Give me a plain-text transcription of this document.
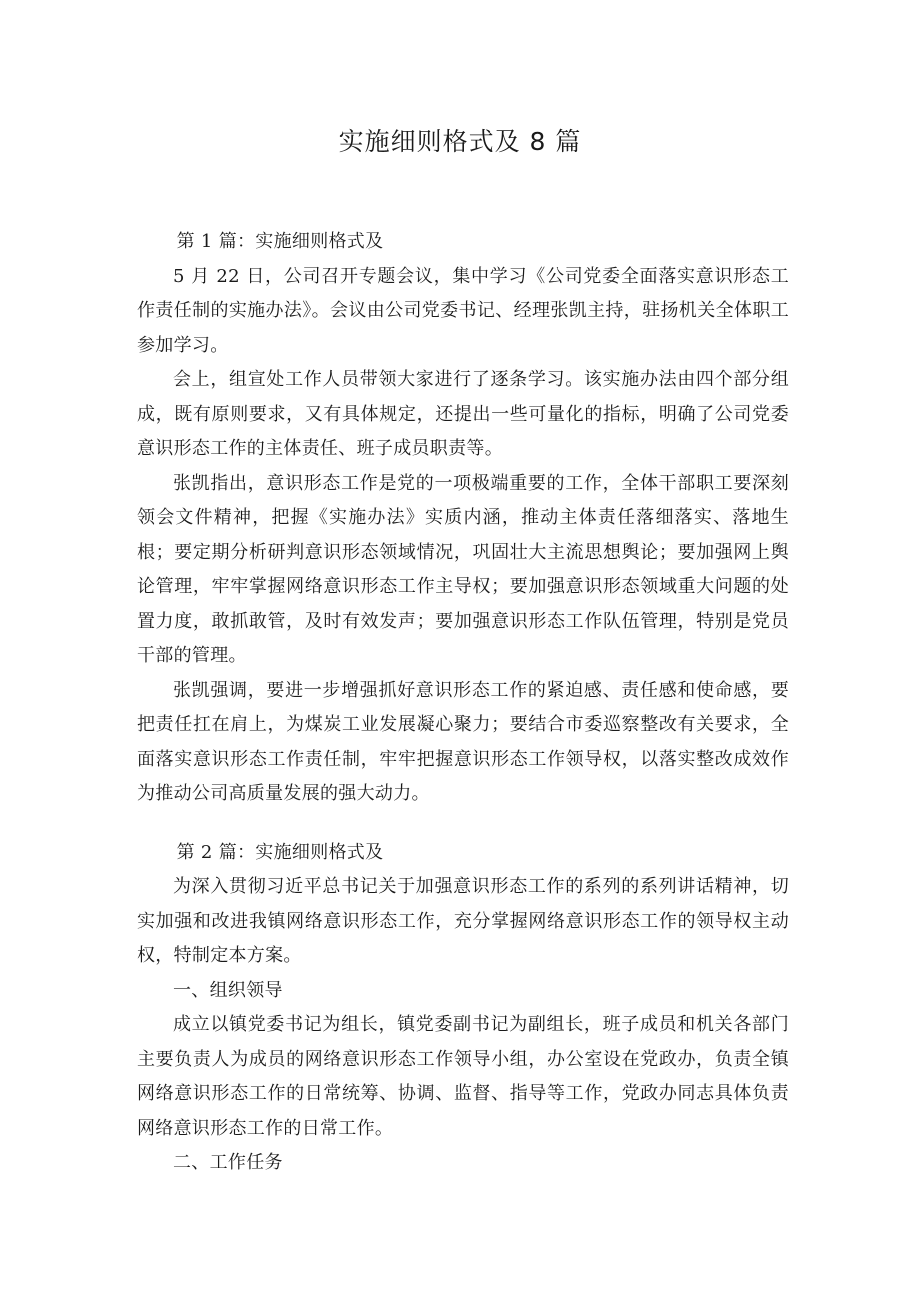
实施细则格式及 8 篇

第 1 篇：实施细则格式及

5 月 22 日，公司召开专题会议，集中学习《公司党委全面落实意识形态工作责任制的实施办法》。会议由公司党委书记、经理张凯主持，驻扬机关全体职工参加学习。

会上，组宣处工作人员带领大家进行了逐条学习。该实施办法由四个部分组成，既有原则要求，又有具体规定，还提出一些可量化的指标，明确了公司党委意识形态工作的主体责任、班子成员职责等。

张凯指出，意识形态工作是党的一项极端重要的工作，全体干部职工要深刻领会文件精神，把握《实施办法》实质内涵，推动主体责任落细落实、落地生根；要定期分析研判意识形态领域情况，巩固壮大主流思想舆论；要加强网上舆论管理，牢牢掌握网络意识形态工作主导权；要加强意识形态领域重大问题的处置力度，敢抓敢管，及时有效发声；要加强意识形态工作队伍管理，特别是党员干部的管理。

张凯强调，要进一步增强抓好意识形态工作的紧迫感、责任感和使命感，要把责任扛在肩上，为煤炭工业发展凝心聚力；要结合市委巡察整改有关要求，全面落实意识形态工作责任制，牢牢把握意识形态工作领导权，以落实整改成效作为推动公司高质量发展的强大动力。

第 2 篇：实施细则格式及

为深入贯彻习近平总书记关于加强意识形态工作的系列的系列讲话精神，切实加强和改进我镇网络意识形态工作，充分掌握网络意识形态工作的领导权主动权，特制定本方案。

一、组织领导

成立以镇党委书记为组长，镇党委副书记为副组长，班子成员和机关各部门主要负责人为成员的网络意识形态工作领导小组，办公室设在党政办，负责全镇网络意识形态工作的日常统筹、协调、监督、指导等工作，党政办同志具体负责网络意识形态工作的日常工作。

二、工作任务
